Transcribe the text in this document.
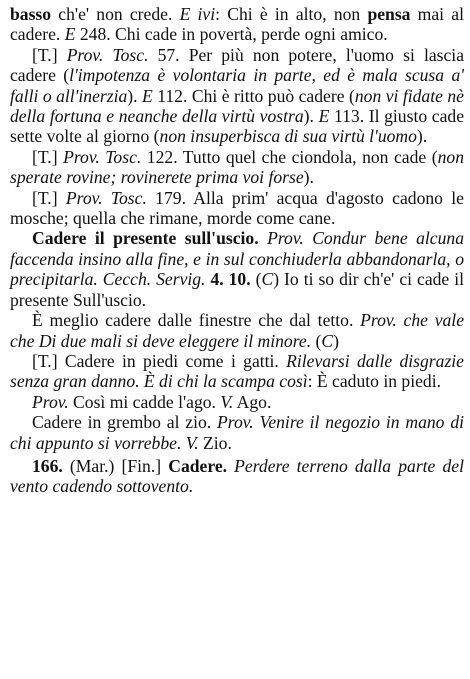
basso ch'e' non crede. E ivi: Chi è in alto, non pensa mai al cadere. E 248. Chi cade in povertà, perde ogni amico.

[T.] Prov. Tosc. 57. Per più non potere, l'uomo si lascia cadere (l'impotenza è volontaria in parte, ed è mala scusa a' falli o all'inerzia). E 112. Chi è ritto può cadere (non vi fidate nè della fortuna e neanche della virtù vostra). E 113. Il giusto cade sette volte al giorno (non insuperbisca di sua virtù l'uomo).

[T.] Prov. Tosc. 122. Tutto quel che ciondola, non cade (non sperate rovine; rovinerete prima voi forse).

[T.] Prov. Tosc. 179. Alla prim' acqua d'agosto cadono le mosche; quella che rimane, morde come cane.

Cadere il presente sull'uscio. Prov. Condur bene alcuna faccenda insino alla fine, e in sul conchiuderla abbandonarla, o precipitarla. Cecch. Servig. 4. 10. (C) Io ti so dir ch'e' ci cade il presente Sull'uscio.

È meglio cadere dalle finestre che dal tetto. Prov. che vale che Di due mali si deve eleggere il minore. (C)

[T.] Cadere in piedi come i gatti. Rilevarsi dalle disgrazie senza gran danno. È di chi la scampa così: È caduto in piedi.

Prov. Così mi cadde l'ago. V. Ago.

Cadere in grembo al zio. Prov. Venire il negozio in mano di chi appunto si vorrebbe. V. Zio.

166. (Mar.) [Fin.] Cadere. Perdere terreno dalla parte del vento cadendo sottovento.
